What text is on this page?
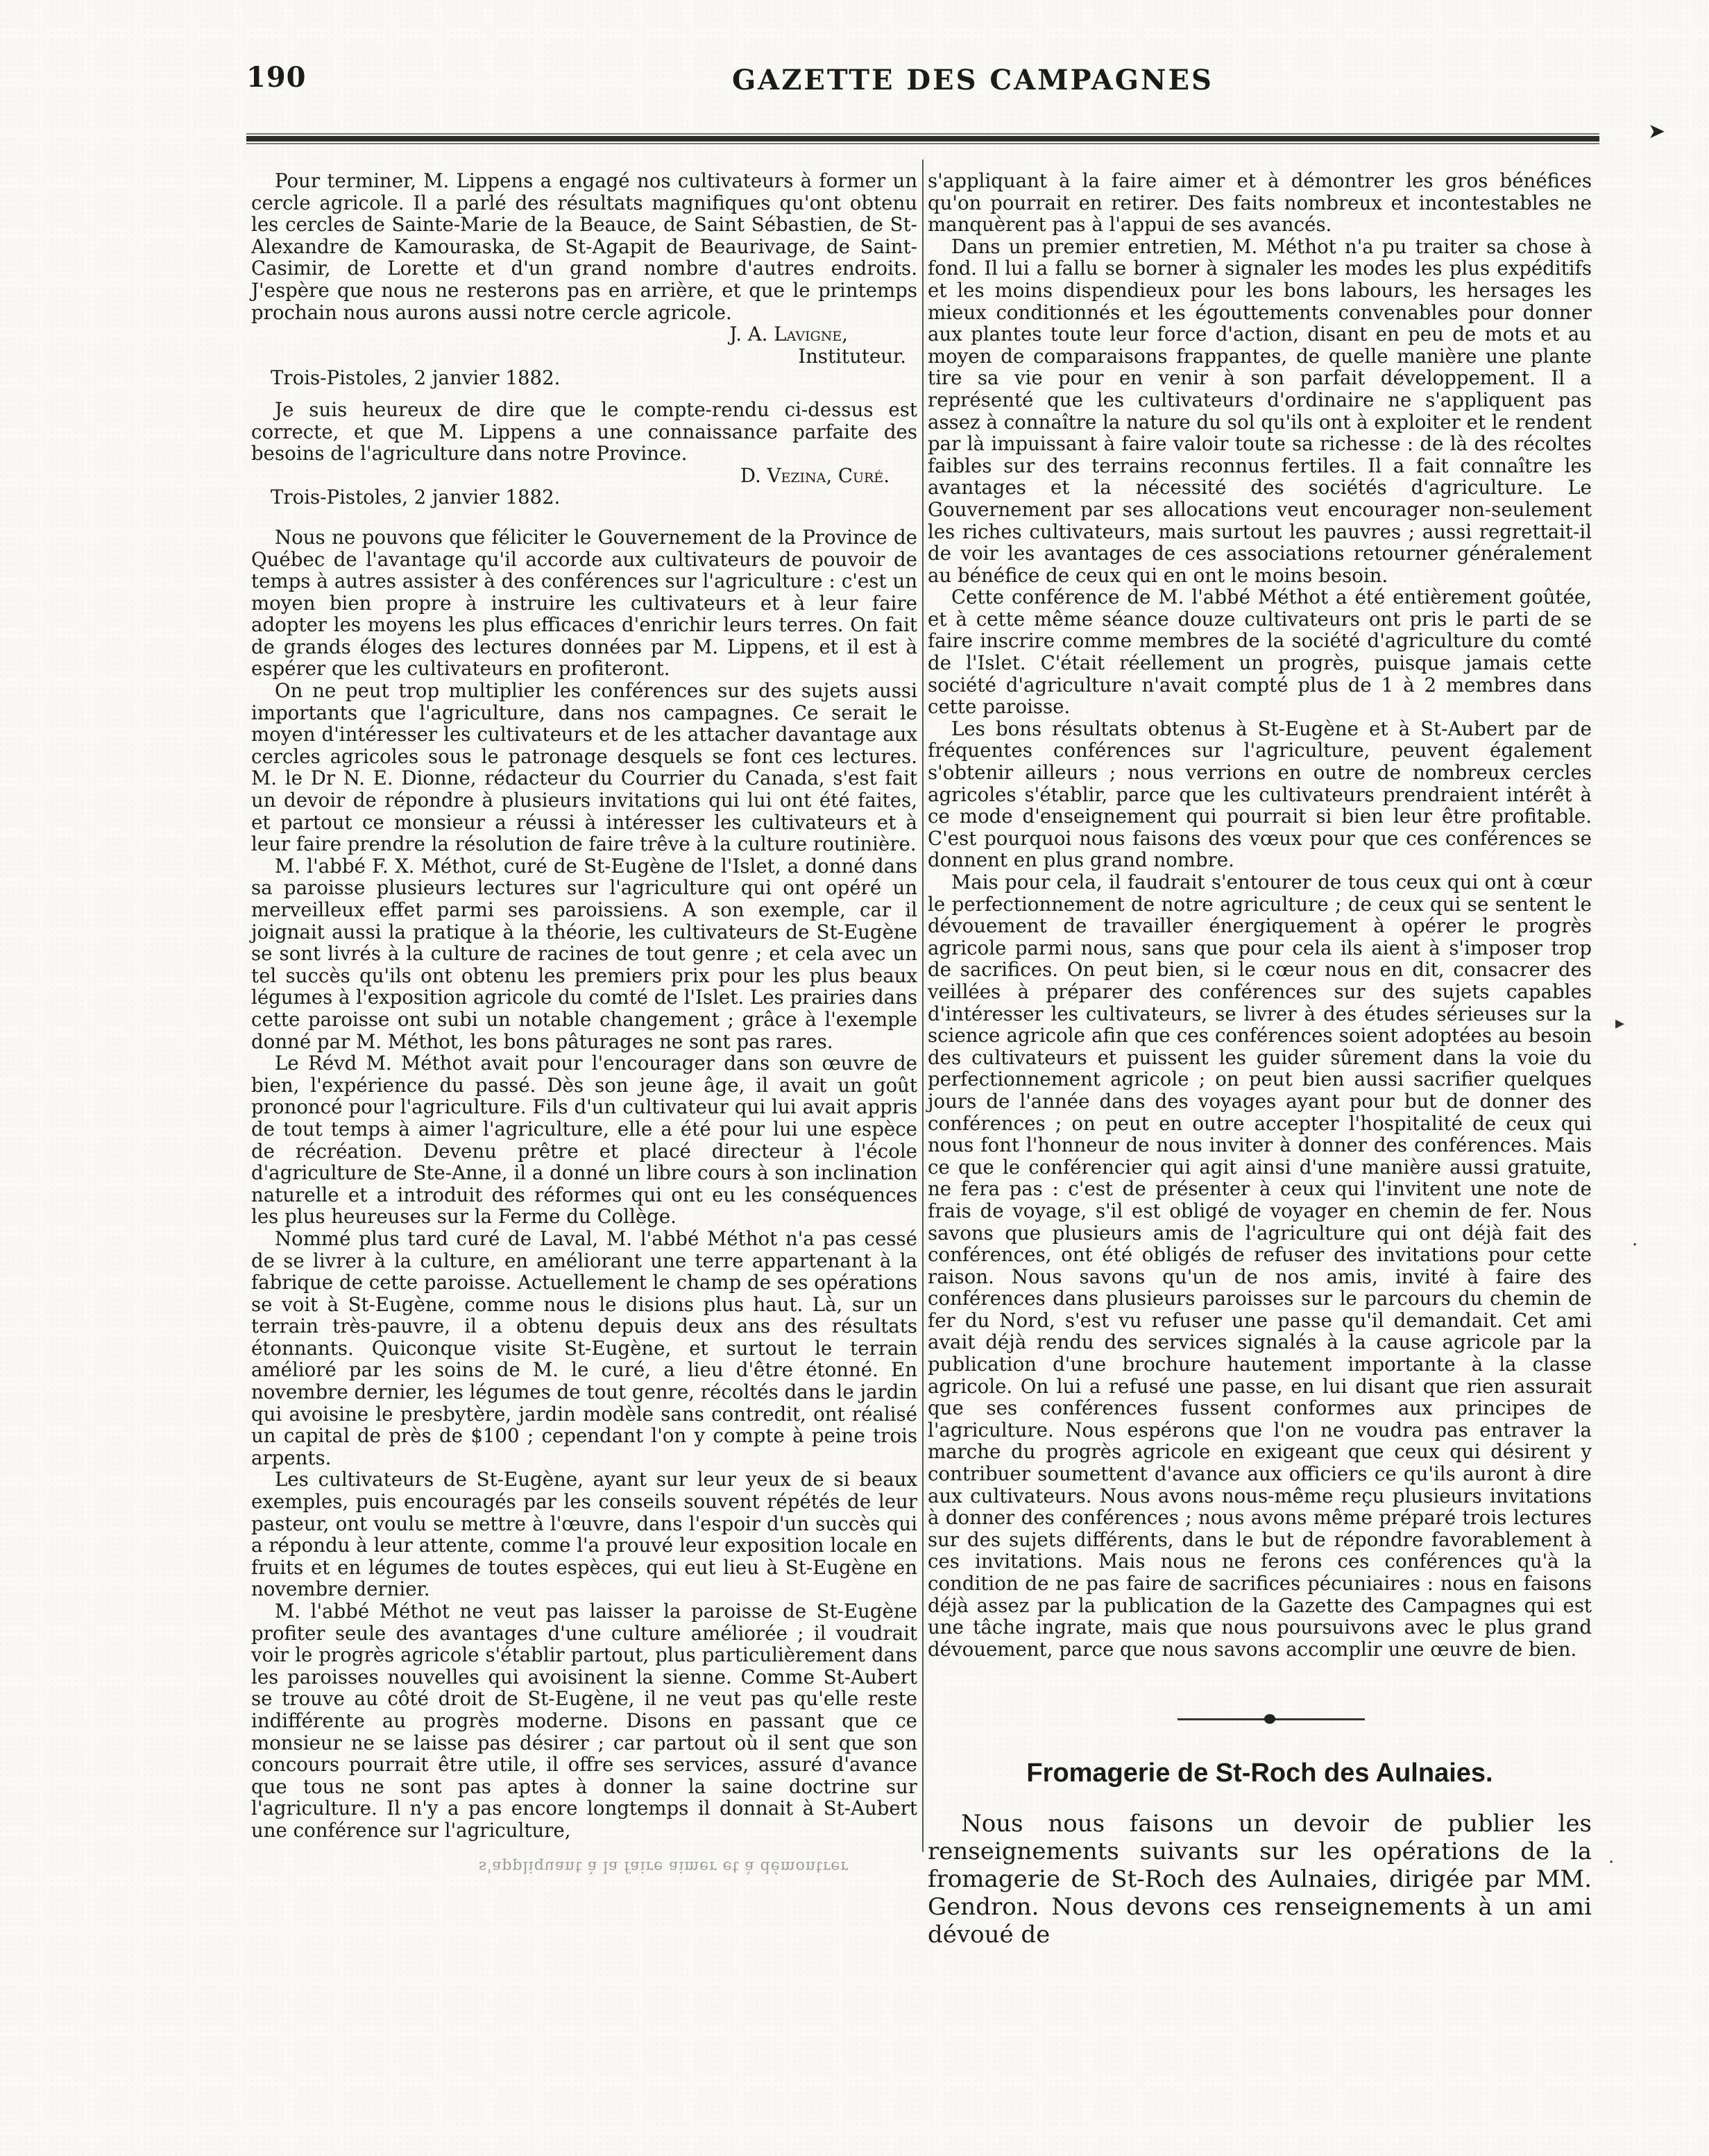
190	GAZETTE DES CAMPAGNES
➤

Pour terminer, M. Lippens a engagé nos cultivateurs à former un cercle agricole. Il a parlé des résultats magnifiques qu'ont obtenu les cercles de Sainte-Marie de la Beauce, de Saint Sébastien, de St-Alexandre de Kamouraska, de St-Agapit de Beaurivage, de Saint-Casimir, de Lorette et d'un grand nombre d'autres endroits. J'espère que nous ne resterons pas en arrière, et que le printemps prochain nous aurons aussi notre cercle agricole.

J. A. Lavigne,

Instituteur.

Trois-Pistoles, 2 janvier 1882.

Je suis heureux de dire que le compte-rendu ci-dessus est correcte, et que M. Lippens a une connaissance parfaite des besoins de l'agriculture dans notre Province.

D. Vezina, Curé.

Trois-Pistoles, 2 janvier 1882.

Nous ne pouvons que féliciter le Gouvernement de la Province de Québec de l'avantage qu'il accorde aux cultivateurs de pouvoir de temps à autres assister à des conférences sur l'agriculture : c'est un moyen bien propre à instruire les cultivateurs et à leur faire adopter les moyens les plus efficaces d'enrichir leurs terres. On fait de grands éloges des lectures données par M. Lippens, et il est à espérer que les cultivateurs en profiteront.

On ne peut trop multiplier les conférences sur des sujets aussi importants que l'agriculture, dans nos campagnes. Ce serait le moyen d'intéresser les cultivateurs et de les attacher davantage aux cercles agricoles sous le patronage desquels se font ces lectures. M. le Dr N. E. Dionne, rédacteur du Courrier du Canada, s'est fait un devoir de répondre à plusieurs invitations qui lui ont été faites, et partout ce monsieur a réussi à intéresser les cultivateurs et à leur faire prendre la résolution de faire trêve à la culture routinière.

M. l'abbé F. X. Méthot, curé de St-Eugène de l'Islet, a donné dans sa paroisse plusieurs lectures sur l'agriculture qui ont opéré un merveilleux effet parmi ses paroissiens. A son exemple, car il joignait aussi la pratique à la théorie, les cultivateurs de St-Eugène se sont livrés à la culture de racines de tout genre ; et cela avec un tel succès qu'ils ont obtenu les premiers prix pour les plus beaux légumes à l'exposition agricole du comté de l'Islet. Les prairies dans cette paroisse ont subi un notable changement ; grâce à l'exemple donné par M. Méthot, les bons pâturages ne sont pas rares.

Le Révd M. Méthot avait pour l'encourager dans son œuvre de bien, l'expérience du passé. Dès son jeune âge, il avait un goût prononcé pour l'agriculture. Fils d'un cultivateur qui lui avait appris de tout temps à aimer l'agriculture, elle a été pour lui une espèce de récréation. Devenu prêtre et placé directeur à l'école d'agriculture de Ste-Anne, il a donné un libre cours à son inclination naturelle et a introduit des réformes qui ont eu les conséquences les plus heureuses sur la Ferme du Collège.

Nommé plus tard curé de Laval, M. l'abbé Méthot n'a pas cessé de se livrer à la culture, en améliorant une terre appartenant à la fabrique de cette paroisse. Actuellement le champ de ses opérations se voit à St-Eugène, comme nous le disions plus haut. Là, sur un terrain très-pauvre, il a obtenu depuis deux ans des résultats étonnants. Quiconque visite St-Eugène, et surtout le terrain amélioré par les soins de M. le curé, a lieu d'être étonné. En novembre dernier, les légumes de tout genre, récoltés dans le jardin qui avoisine le presbytère, jardin modèle sans contredit, ont réalisé un capital de près de $100 ; cependant l'on y compte à peine trois arpents.

Les cultivateurs de St-Eugène, ayant sur leur yeux de si beaux exemples, puis encouragés par les conseils souvent répétés de leur pasteur, ont voulu se mettre à l'œuvre, dans l'espoir d'un succès qui a répondu à leur attente, comme l'a prouvé leur exposition locale en fruits et en légumes de toutes espèces, qui eut lieu à St-Eugène en novembre dernier.

M. l'abbé Méthot ne veut pas laisser la paroisse de St-Eugène profiter seule des avantages d'une culture améliorée ; il voudrait voir le progrès agricole s'établir partout, plus particulièrement dans les paroisses nouvelles qui avoisinent la sienne. Comme St-Aubert se trouve au côté droit de St-Eugène, il ne veut pas qu'elle reste indifférente au progrès moderne. Disons en passant que ce monsieur ne se laisse pas désirer ; car partout où il sent que son concours pourrait être utile, il offre ses services, assuré d'avance que tous ne sont pas aptes à donner la saine doctrine sur l'agriculture. Il n'y a pas encore longtemps il donnait à St-Aubert une conférence sur l'agriculture,

s'appliquant à la faire aimer et à démontrer les gros bénéfices qu'on pourrait en retirer. Des faits nombreux et incontestables ne manquèrent pas à l'appui de ses avancés.

Dans un premier entretien, M. Méthot n'a pu traiter sa chose à fond. Il lui a fallu se borner à signaler les modes les plus expéditifs et les moins dispendieux pour les bons labours, les hersages les mieux conditionnés et les égouttements convenables pour donner aux plantes toute leur force d'action, disant en peu de mots et au moyen de comparaisons frappantes, de quelle manière une plante tire sa vie pour en venir à son parfait développement. Il a représenté que les cultivateurs d'ordinaire ne s'appliquent pas assez à connaître la nature du sol qu'ils ont à exploiter et le rendent par là impuissant à faire valoir toute sa richesse : de là des récoltes faibles sur des terrains reconnus fertiles. Il a fait connaître les avantages et la nécessité des sociétés d'agriculture. Le Gouvernement par ses allocations veut encourager non-seulement les riches cultivateurs, mais surtout les pauvres ; aussi regrettait-il de voir les avantages de ces associations retourner généralement au bénéfice de ceux qui en ont le moins besoin.

Cette conférence de M. l'abbé Méthot a été entièrement goûtée, et à cette même séance douze cultivateurs ont pris le parti de se faire inscrire comme membres de la société d'agriculture du comté de l'Islet. C'était réellement un progrès, puisque jamais cette société d'agriculture n'avait compté plus de 1 à 2 membres dans cette paroisse.

Les bons résultats obtenus à St-Eugène et à St-Aubert par de fréquentes conférences sur l'agriculture, peuvent également s'obtenir ailleurs ; nous verrions en outre de nombreux cercles agricoles s'établir, parce que les cultivateurs prendraient intérêt à ce mode d'enseignement qui pourrait si bien leur être profitable. C'est pourquoi nous faisons des vœux pour que ces conférences se donnent en plus grand nombre.

Mais pour cela, il faudrait s'entourer de tous ceux qui ont à cœur le perfectionnement de notre agriculture ; de ceux qui se sentent le dévouement de travailler énergiquement à opérer le progrès agricole parmi nous, sans que pour cela ils aient à s'imposer trop de sacrifices. On peut bien, si le cœur nous en dit, consacrer des veillées à préparer des conférences sur des sujets capables d'intéresser les cultivateurs, se livrer à des études sérieuses sur la science agricole afin que ces conférences soient adoptées au besoin des cultivateurs et puissent les guider sûrement dans la voie du perfectionnement agricole ; on peut bien aussi sacrifier quelques jours de l'année dans des voyages ayant pour but de donner des conférences ; on peut en outre accepter l'hospitalité de ceux qui nous font l'honneur de nous inviter à donner des conférences. Mais ce que le conférencier qui agit ainsi d'une manière aussi gratuite, ne fera pas : c'est de présenter à ceux qui l'invitent une note de frais de voyage, s'il est obligé de voyager en chemin de fer. Nous savons que plusieurs amis de l'agriculture qui ont déjà fait des conférences, ont été obligés de refuser des invitations pour cette raison. Nous savons qu'un de nos amis, invité à faire des conférences dans plusieurs paroisses sur le parcours du chemin de fer du Nord, s'est vu refuser une passe qu'il demandait. Cet ami avait déjà rendu des services signalés à la cause agricole par la publication d'une brochure hautement importante à la classe agricole. On lui a refusé une passe, en lui disant que rien assurait que ses conférences fussent conformes aux principes de l'agriculture. Nous espérons que l'on ne voudra pas entraver la marche du progrès agricole en exigeant que ceux qui désirent y contribuer soumettent d'avance aux officiers ce qu'ils auront à dire aux cultivateurs. Nous avons nous-même reçu plusieurs invitations à donner des conférences ; nous avons même préparé trois lectures sur des sujets différents, dans le but de répondre favorablement à ces invitations. Mais nous ne ferons ces conférences qu'à la condition de ne pas faire de sacrifices pécuniaires : nous en faisons déjà assez par la publication de la Gazette des Campagnes qui est une tâche ingrate, mais que nous poursuivons avec le plus grand dévouement, parce que nous savons accomplir une œuvre de bien.

Fromagerie de St-Roch des Aulnaies.

Nous nous faisons un devoir de publier les renseignements suivants sur les opérations de la fromagerie de St-Roch des Aulnaies, dirigée par MM. Gendron. Nous devons ces renseignements à un ami dévoué de

s'appliquant à la faire aimer et à démontrer
▸
·
·
